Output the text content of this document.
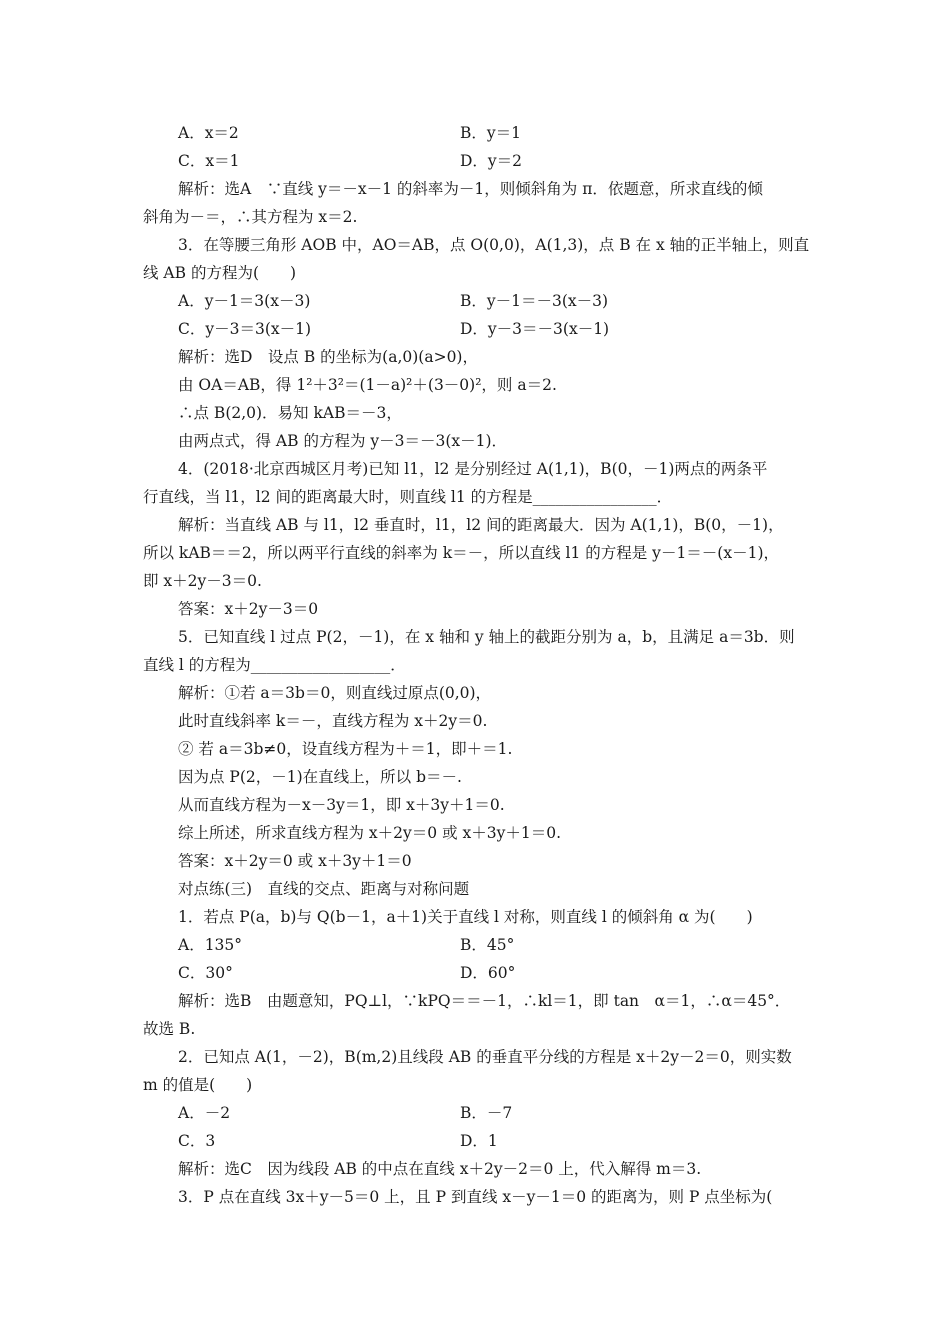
A．x＝2	B．y＝1
C．x＝1	D．y＝2
解析：选A　∵直线 y＝－x－1 的斜率为－1，则倾斜角为 π．依题意，所求直线的倾
斜角为－＝，∴其方程为 x＝2.
3．在等腰三角形 AOB 中，AO＝AB，点 O(0,0)，A(1,3)，点 B 在 x 轴的正半轴上，则直
线 AB 的方程为(　　)
A．y－1＝3(x－3)	B．y－1＝－3(x－3)
C．y－3＝3(x－1)	D．y－3＝－3(x－1)
解析：选D　设点 B 的坐标为(a,0)(a>0)，
由 OA＝AB，得 1²＋3²＝(1－a)²＋(3－0)²，则 a＝2.
∴点 B(2,0)．易知 kAB＝－3，
由两点式，得 AB 的方程为 y－3＝－3(x－1)．
4．(2018·北京西城区月考)已知 l1，l2 是分别经过 A(1,1)，B(0，－1)两点的两条平
行直线，当 l1，l2 间的距离最大时，则直线 l1 的方程是________________．
解析：当直线 AB 与 l1，l2 垂直时，l1，l2 间的距离最大．因为 A(1,1)，B(0，－1)，
所以 kAB＝＝2，所以两平行直线的斜率为 k＝－，所以直线 l1 的方程是 y－1＝－(x－1)，
即 x＋2y－3＝0.
答案：x＋2y－3＝0
5．已知直线 l 过点 P(2，－1)，在 x 轴和 y 轴上的截距分别为 a，b，且满足 a＝3b．则
直线 l 的方程为__________________．
解析：①若 a＝3b＝0，则直线过原点(0,0)，
此时直线斜率 k＝－，直线方程为 x＋2y＝0.
② 若 a＝3b≠0，设直线方程为＋＝1，即＋＝1.
因为点 P(2，－1)在直线上，所以 b＝－.
从而直线方程为－x－3y＝1，即 x＋3y＋1＝0.
综上所述，所求直线方程为 x＋2y＝0 或 x＋3y＋1＝0.
答案：x＋2y＝0 或 x＋3y＋1＝0
对点练(三)　直线的交点、距离与对称问题
1．若点 P(a，b)与 Q(b－1，a＋1)关于直线 l 对称，则直线 l 的倾斜角 α 为(　　)
A．135°	B．45°
C．30°	D．60°
解析：选B　由题意知，PQ⊥l，∵kPQ＝＝－1，∴kl＝1，即 tan　α＝1，∴α＝45°．
故选 B.
2．已知点 A(1，－2)，B(m,2)且线段 AB 的垂直平分线的方程是 x＋2y－2＝0，则实数
m 的值是(　　)
A．－2	B．－7
C．3	D．1
解析：选C　因为线段 AB 的中点在直线 x＋2y－2＝0 上，代入解得 m＝3.
3．P 点在直线 3x＋y－5＝0 上，且 P 到直线 x－y－1＝0 的距离为，则 P 点坐标为(
